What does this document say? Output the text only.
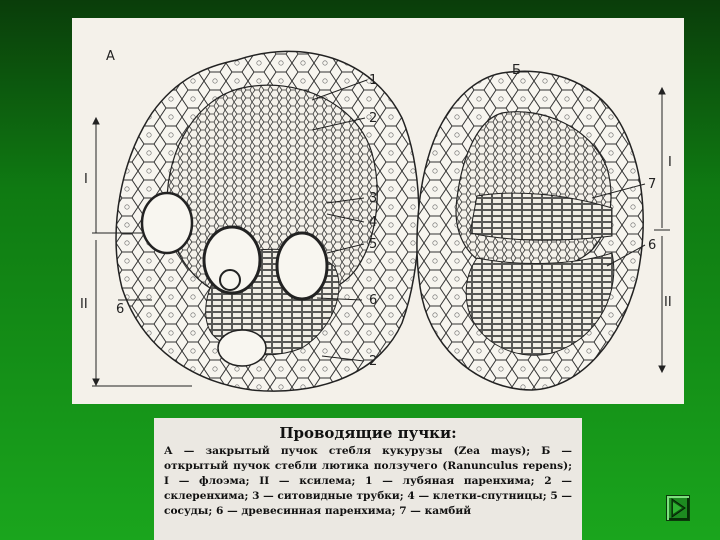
А
1
2
3
4
5
6
2
I
II 6
Б
7
6
I
II
Проводящие пучки:
А — закрытый пучок стебля кукурузы (Zea mays); Б — открытый пучок стебли лютика ползучего (Ranunculus repens); I — флоэма; II — ксилема; 1 — лубяная паренхима; 2 — склеренхима; 3 — ситовидные трубки; 4 — клетки-спутницы; 5 — сосуды; 6 — древесинная паренхима; 7 — камбий
